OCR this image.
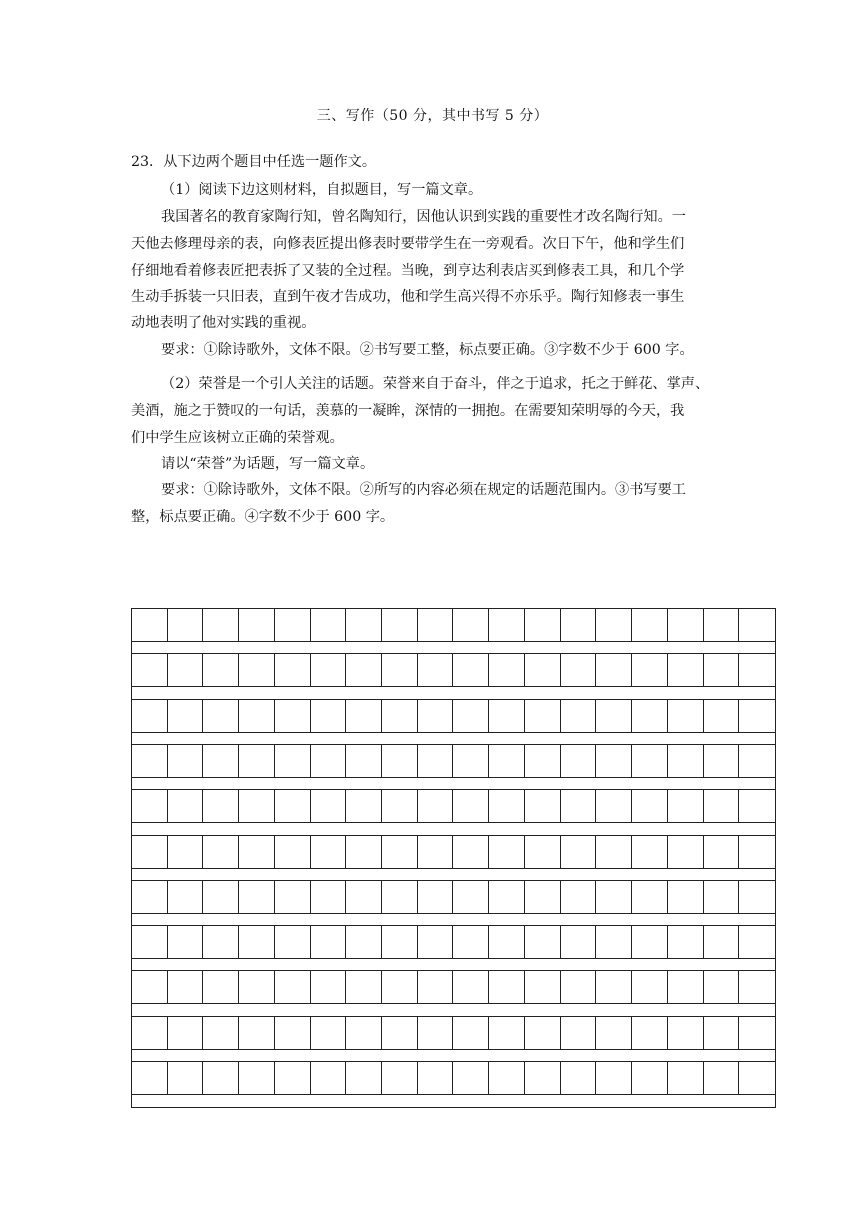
三、写作（50 分，其中书写 5 分）
23．从下边两个题目中任选一题作文。
（1）阅读下边这则材料，自拟题目，写一篇文章。
我国著名的教育家陶行知，曾名陶知行，因他认识到实践的重要性才改名陶行知。一
天他去修理母亲的表，向修表匠提出修表时要带学生在一旁观看。次日下午，他和学生们
仔细地看着修表匠把表拆了又装的全过程。当晚，到亨达利表店买到修表工具，和几个学
生动手拆装一只旧表，直到午夜才告成功，他和学生高兴得不亦乐乎。陶行知修表一事生
动地表明了他对实践的重视。
要求：①除诗歌外，文体不限。②书写要工整，标点要正确。③字数不少于 600 字。
（2）荣誉是一个引人关注的话题。荣誉来自于奋斗，伴之于追求，托之于鲜花、掌声、
美酒，施之于赞叹的一句话，羡慕的一凝眸，深情的一拥抱。在需要知荣明辱的今天，我
们中学生应该树立正确的荣誉观。
请以“荣誉”为话题，写一篇文章。
要求：①除诗歌外，文体不限。②所写的内容必须在规定的话题范围内。③书写要工
整，标点要正确。④字数不少于 600 字。
